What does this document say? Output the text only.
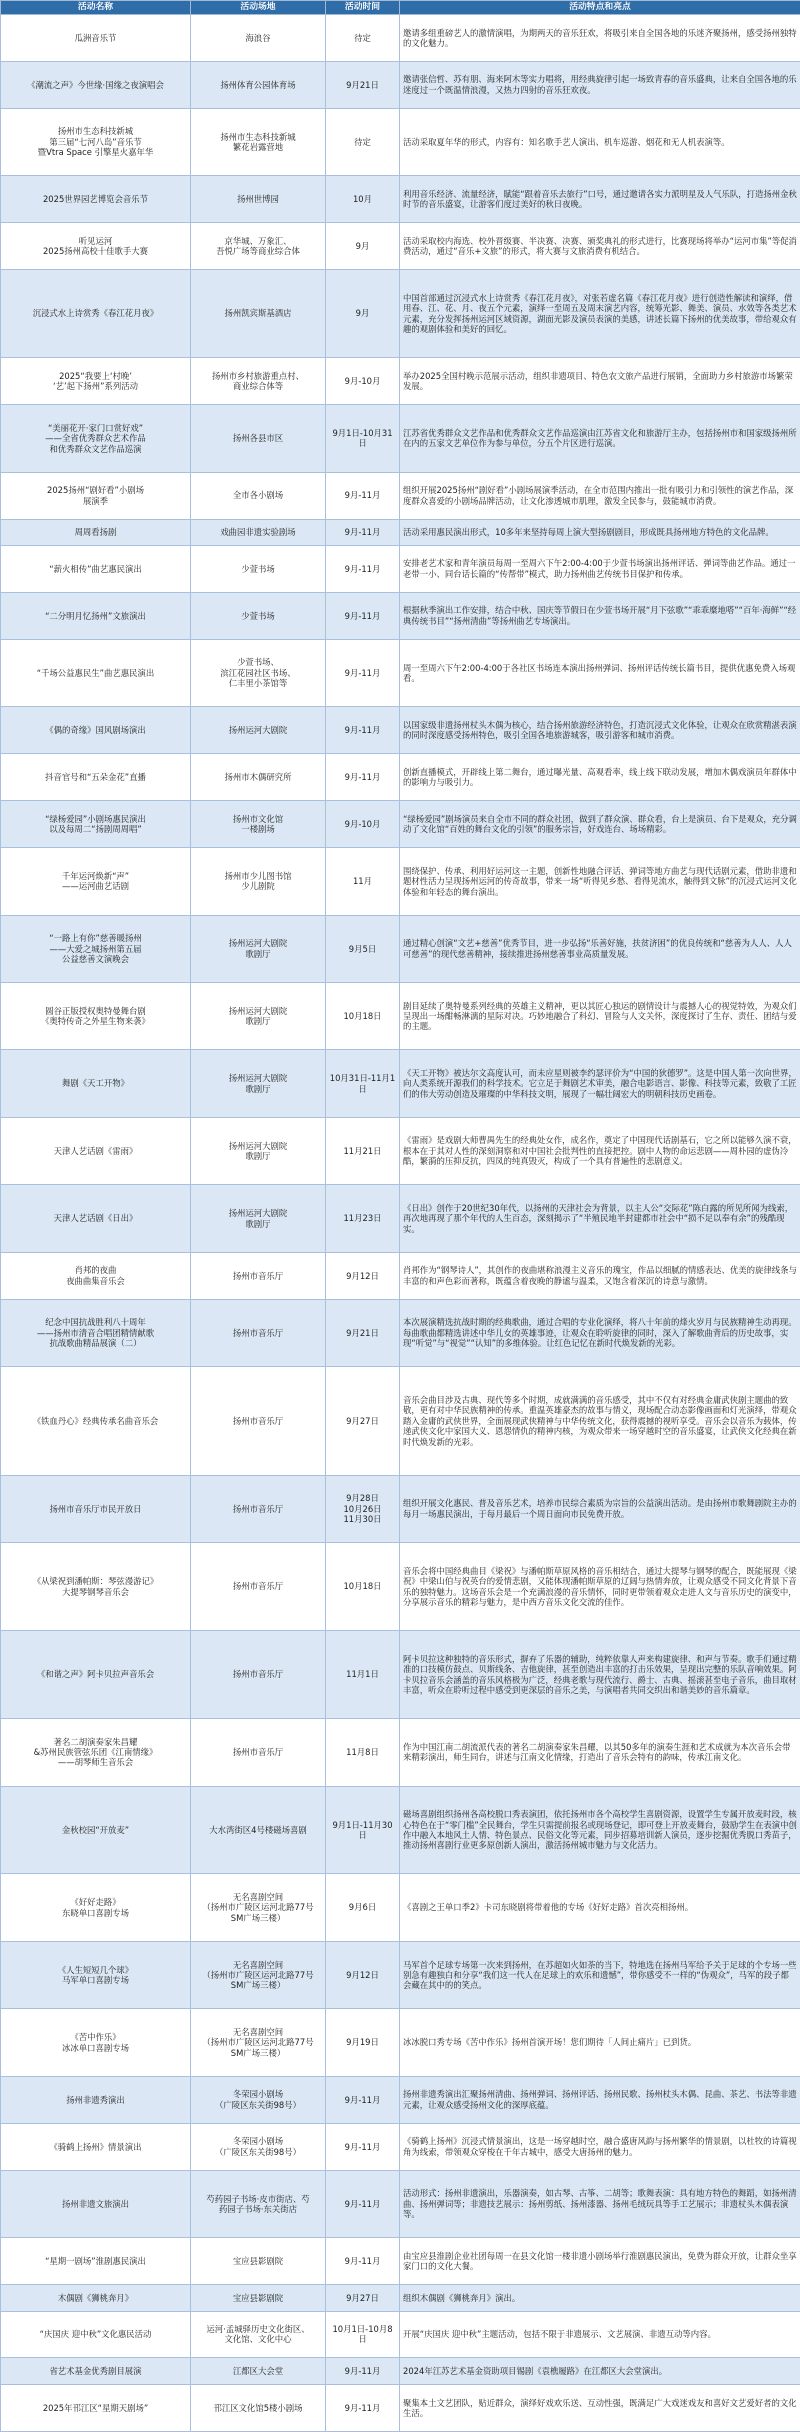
活动名称	活动场地	活动时间	活动特点和亮点
瓜洲音乐节	海浪谷	待定	邀请多组重磅艺人的激情演唱，为期两天的音乐狂欢，将吸引来自全国各地的乐迷齐聚扬州，感受扬州独特的文化魅力。
《潮流之声》今世缘·国缘之夜演唱会	扬州体育公园体育场	9月21日	邀请张信哲、苏有朋、海来阿木等实力唱将，用经典旋律引起一场致青春的音乐盛典，让来自全国各地的乐迷度过一个既温情浪漫，又热力四射的音乐狂欢夜。
扬州市生态科技新城
第三届“七河八岛”音乐节
暨Vtra Space 引擎星火嘉年华	扬州市生态科技新城
繁花岩露营地	待定	活动采取夏年华的形式，内容有：知名歌手艺人演出、机车巡游、烟花和无人机表演等。
2025世界园艺博览会音乐节	扬州世博园	10月	利用音乐经济、流量经济，賦能“跟着音乐去旅行”口号，通过邀请各实力派明星及人气乐队，打造扬州金秋时节的音乐盛宴，让游客们度过美好的秋日夜晚。
听见运河
2025扬州高校十佳歌手大赛	京华城、万象汇、
吾悦广场等商业综合体	9月	活动采取校内海选、校外晋级赛、半决赛、决赛、颁奖典礼的形式进行，比赛现场将举办“运河市集”等促消费活动，通过“音乐+文旅”的形式，将大赛与文旅消费有机结合。
沉浸式水上诗赏秀《春江花月夜》	扬州凯宾斯基酒店	9月	中国首部通过沉浸式水上诗赏秀《春江花月夜》，对张若虚名篇《春江花月夜》进行创造性解读和演绎，借用春、江、花、月、夜五个元素，演绎一至周五及周末演艺内容，统筹光影、舞美、演员、水效等各类艺术元素，充分发挥扬州运河区域资源，湖面光影及演员表演的美感，讲述长篇下扬州的优美故事，带给观众有趣的观剧体验和美好的回忆。
2025“我要上‘村晚’
‘艺’起下扬州”系列活动	扬州市乡村旅游重点村、
商业综合体等	9月-10月	举办2025全国村晚示范展示活动，组织非遗项目、特色农文旅产品进行展销，全面助力乡村旅游市场繁荣发展。
“美丽花开·家门口赏好戏”
——全省优秀群众艺术作品
和优秀群众文艺作品巡演	扬州各县市区	9月1日-10月31日	江苏省优秀群众文艺作品和优秀群众文艺作品巡演由江苏省文化和旅游厅主办，包括扬州市和国家级扬州所在内的五家文艺单位作为参与单位，分五个片区进行巡演。
2025扬州“剧好看”小剧场
展演季	全市各小剧场	9月-11月	组织开展2025扬州“剧好看”小剧场展演季活动，在全市范围内推出一批有吸引力和引领性的演艺作品，深度群众喜爱的小剧场品牌活动，让文化渗透城市肌理，激发全民参与，鼓能城市消费。
周周看扬剧	戏曲园非遗实验剧场	9月-11月	活动采用惠民演出形式，10多年来坚持每周上演大型扬剧剧目，形成既具扬州地方特色的文化品牌。
“薪火相传”曲艺惠民演出	少萱书场	9月-11月	安排老艺术家和青年演员每周一至周六下午2:00-4:00于少萱书场演出扬州评话、弹词等曲艺作品。通过一老带一小、同台话长篇的“传帮带”模式，助力扬州曲艺传统书目保护和传承。
“二分明月忆扬州”文旅演出	少萱书场	9月-11月	根据秋季演出工作安排，结合中秋、国庆等节假日在少萱书场开展“月下弦歌”“乖乖糜地嗒”“百年·海鲜”“经典传统书目”“扬州清曲”等扬州曲艺专场演出。
“千场公益惠民生”曲艺惠民演出	少萱书场、
滨江花园社区书场、
仁丰里小茶馆等	9月-11月	周一至周六下午2:00-4:00于各社区书场连本演出扬州弹词、扬州评话传统长篇书目，提供优惠免费入场观看。
《偶的奇缘》国风剧场演出	扬州运河大剧院	9月-11月	以国家级非遗扬州杖头木偶为核心，结合扬州旅游经济特色，打造沉浸式文化体验，让观众在欣赏精湛表演的同时深度感受扬州特色，吸引全国各地旅游城客，吸引游客和城市消费。
抖音官号和“五朵金花”直播	扬州市木偶研究所	9月-11月	创新直播模式，开辟线上第二舞台，通过曝光量、高观看率，线上线下联动发展，增加木偶戏演员年群体中的影响力与吸引力。
“绿杨爱园”小剧场惠民演出
以及每周二“扬剧周周唱”	扬州市文化馆
一楼剧场	9月-10月	“绿杨爱园”剧场演员来自全市不同的群众社团，做到了群众演、群众看，台上是演员、台下是观众，充分调动了文化馆“百姓的舞台文化的引领”的服务宗旨，好戏连台、场场精彩。
千年运河焕新“声”
——运河曲艺话剧	扬州市少儿图书馆
少儿剧院	11月	围绕保护、传承、利用好运河这一主题，创新性地融合评话、弹词等地方曲艺与现代话剧元素，借助非遗和题材性活力呈现扬州运河的传奇故事，带来一场“听得见乡愁、看得见流水，触得到文脉”的沉浸式运河文化体验和年轻态的舞台演出。
“一路上有你”慈善暖扬州
——大爱之城扬州第五届
公益慈善文演晚会	扬州运河大剧院
歌剧厅	9月5日	通过精心创演“文艺+慈善”优秀节目，进一步弘扬“乐善好施，扶贫济困”的优良传统和“慈善为人人、人人可慈善”的现代慈善精神，接续推进扬州慈善事业高质量发展。
圆谷正版授权奥特曼舞台剧
《奥特传奇之外星生物来袭》	扬州运河大剧院
歌剧厅	10月18日	剧目延续了奥特曼系列经典的英雄主义精神，更以其匠心独运的剧情设计与震撼人心的视觉特效，为观众们呈现出一场酣畅淋漓的星际对决。巧妙地融合了科幻、冒险与人文关怀，深度探讨了生存、责任、团结与爱的主题。
舞剧《天工开物》	扬州运河大剧院
歌剧厅	10月31日-11月1日	《天工开物》被达尔文高度认可，而未应星则被李约瑟评价为“中国的狄德罗”。这是中国人第一次向世界，向人类系统开源我们的科学技术。它立足于舞剧艺术审美，融合电影语言、影像、科技等元素，致敬了工匠们的伟大劳动创造及璀璨的中华科技文明，展现了一幅壮阔宏大的明朝科技历史画卷。
天津人艺话剧《雷雨》	扬州运河大剧院
歌剧厅	11月21日	《雷雨》是戏剧大师曹禺先生的经典处女作，成名作，奠定了中国现代话剧基石，它之所以能够久演不衰，根本在于其对人性的深刻洞察和对中国社会批判性的直接把控。剧中人物的命运悲剧——周朴园的虚伪冷酷，繁漪的压抑反抗，四凤的纯真毁灭，构成了一个具有普遍性的悲剧意义。
天津人艺话剧《日出》	扬州运河大剧院
歌剧厅	11月23日	《日出》创作于20世纪30年代，以扬州的天津社会为背景，以主人公“交际花”陈白露的所见所闻为线索，再次地再现了那个年代的人生百态，深刻揭示了“半殖民地半封建都市社会中“损不足以奉有余”的残酷现实。
肖邦的夜曲
夜曲曲集音乐会	扬州市音乐厅	9月12日	肖邦作为“钢琴诗人”，其创作的夜曲堪称浪漫主义音乐的瑰宝，作品以细腻的情感表达、优美的旋律线条与丰富的和声色彩而著称，既蕴含着夜晚的静谧与温柔，又饱含着深沉的诗意与激情。
纪念中国抗战胜利八十周年
——扬州市清音合唱团精情献歌
抗战歌曲精品展演（二）	扬州市音乐厅	9月21日	本次展演精选抗战时期的经典歌曲，通过合唱的专业化演绎，将八十年前的烽火岁月与民族精神生动再现。每曲歌曲都精选讲述中华儿女的英雄事迹，让观众在聆听旋律的同时，深入了解歌曲背后的历史故事，实现“听觉”与“视觉”“认知”的多维体验。让红色记忆在新时代焕发新的光彩。
《铁血丹心》经典传承名曲音乐会	扬州市音乐厅	9月27日	音乐会曲目涉及古典、现代等多个时期，成就满满的音乐感受，其中不仅有对经典金庸武侠剧主题曲的致敬，更有对中华民族精神的传承。重温英雄豪杰的故事与情义，现场配合动态影像画面和灯光演绎，带观众踏入金庸的武侠世界，全面展现武侠精神与中华传统文化，获得震撼的视听享受。音乐会以音乐为载体，传递武侠文化中家国大义、恩怨情仇的精神内核，为观众带来一场穿越时空的音乐盛宴，让武侠文化经典在新时代焕发新的光彩。
扬州市音乐厅市民开放日	扬州市音乐厅	9月28日
10月26日
11月30日	组织开展文化惠民、普及音乐艺术，培养市民综合素质为宗旨的公益演出活动。是由扬州市歌舞剧院主办的每月一场惠民演出，于每月最后一个周日面向市民免费开放。
《从梁祝到潘帕斯：琴弦漫游记》
大提琴钢琴音乐会	扬州市音乐厅	10月18日	音乐会将中国经典曲目《梁祝》与潘帕斯草原风格的音乐相结合，通过大提琴与钢琴的配合，既能展现《梁祝》中梁山伯与祝英台的爱情悲剧，又能体现潘帕斯草原的辽阔与热情奔放，让观众感受不同文化背景下音乐的独特魅力。这场音乐会是一个充满浪漫的音乐情怀，同时更带领着观众走进人文与音乐历史的演变中，分享展示音乐的精彩与魅力，是中西方音乐文化交流的佳作。
《和谐之声》阿卡贝拉声音乐会	扬州市音乐厅	11月1日	阿卡贝拉这种独特的音乐形式，摒弃了乐器的辅助，纯粹依靠人声来构建旋律、和声与节奏。歌手们通过精准的口技模仿鼓点、贝斯线条、吉他旋律，甚至创造出丰富的打击乐效果，呈现出完整的乐队音响效果。阿卡贝拉音乐会涵盖的音乐风格极为广泛，经典老歌与现代流行、爵士、古典、摇滚甚至电子音乐，曲目取材丰富，听众在聆听过程中感受到更深层的音乐之美，与演唱者共同交织出和谐美妙的音乐篇章。
著名二胡演奏家朱昌耀
&苏州民族管弦乐团《江南情缘》
——胡琴师生音乐会	扬州市音乐厅	11月8日	作为中国江南二胡流派代表的著名二胡演奏家朱昌耀，以其50多年的演奏生涯和艺术成就为本次音乐会带来精彩演出，师生同台，讲述与江南文化情缘，打造出了音乐会特有的韵味，传承江南文化。
金秋校园“开放麦”	大水湾街区4号楼磁场喜剧	9月1日-11月30日	磁场喜剧组织扬州各高校脱口秀表演团，依托扬州市各个高校学生喜剧资源，设置学生专属开放麦时段，核心特色在于“零门槛”全民舞台，学生只需提前报名或现场登记，即可登上开放麦舞台，鼓励学生在表演中创作中融入本地风土人情、特色景点、民俗文化等元素，同步招募培训新人演员，逐步挖掘优秀脱口秀苗子，推动扬州喜剧行业更多原创新人演出，激活扬州城市魅力与文化活力。
《好好走路》
东晓单口喜剧专场	无名喜剧空间
（扬州市广陵区运河北路77号
SM广场三楼）	9月6日	《喜剧之王单口季2》卡司东晓剧将带着他的专场《好好走路》首次亮相扬州。
《人生短短几个球》
马军单口喜剧专场	无名喜剧空间
（扬州市广陵区运河北路77号
SM广场三楼）	9月12日	马军首个足球专场第一次来到扬州，在苏超如火如荼的当下，特地选在扬州马军给予关于足球的个专场一些别急有趣独白和分享“我们这一代人在足球上的欢乐和遗憾”，带你感受不一样的“伪观众”，马军的段子都会藏在其中的的笑点。
《苦中作乐》
冰冰单口喜剧专场	无名喜剧空间
（扬州市广陵区运河北路77号
SM广场三楼）	9月19日	冰冰脱口秀专场《苦中作乐》扬州首演开场！您们期待「人间止痛片」已到货。
扬州非遗秀演出	冬荣园小剧场
（广陵区东关街98号）	9月-11月	扬州非遗秀演出汇聚扬州清曲、扬州弹词、扬州评话、扬州民歌、扬州杖头木偶、昆曲、茶艺、书法等非遗元素，让观众感受扬州文化的深厚底蕴。
《骑鹤上扬州》情景演出	冬荣园小剧场
（广陵区东关街98号）	9月-11月	《骑鹤上扬州》沉浸式情景演出，这是一场穿越时空，融合盛唐风韵与扬州繁华的情景剧，以杜牧的诗篇视角为线索，带领观众穿梭在千年古城中，感受大唐扬州的魅力。
扬州非遗文旅演出	芍药园子书场·皮市街店、芍
药园子书场·东关街店	9月-11月	活动形式：扬州非遗演出，乐器演奏，如古琴、古筝、二胡等；歌舞表演：具有地方特色的舞蹈，如扬州清曲、扬州弹词等；非遗技艺展示：扬州剪纸、扬州漆器、扬州毛绒玩具等手工艺展示；非遗杖头木偶表演等。
“星期一剧场”淮剧惠民演出	宝应县影剧院	9月-11月	由宝应县淮剧企业社团每周一在县文化馆一楼非遗小剧场举行淮剧惠民演出，免费为群众开放，让群众坐享家门口的文化大餐。
木偶剧《狮桃奔月》	宝应县影剧院	9月27日	组织木偶剧《狮桃奔月》演出。
“庆国庆 迎中秋”文化惠民活动	运河·孟城驿历史文化街区、
文化馆、文化中心	10月1日-10月8日	开展“庆国庆 迎中秋”主题活动，包括不限于非遗展示、文艺展演、非遗互动等内容。
省艺术基金优秀剧目展演	江都区大会堂	9月-11月	2024年江苏艺术基金资助项目锡剧《袁樵履路》在江都区大会堂演出。
2025年邗江区“星期天剧场”	邗江区文化馆5楼小剧场	9月-11月	聚集本土文艺团队，贴近群众，演绎好戏欢乐送、互动性强，既满足广大戏迷戏友和喜好文艺爱好者的文化生活。
